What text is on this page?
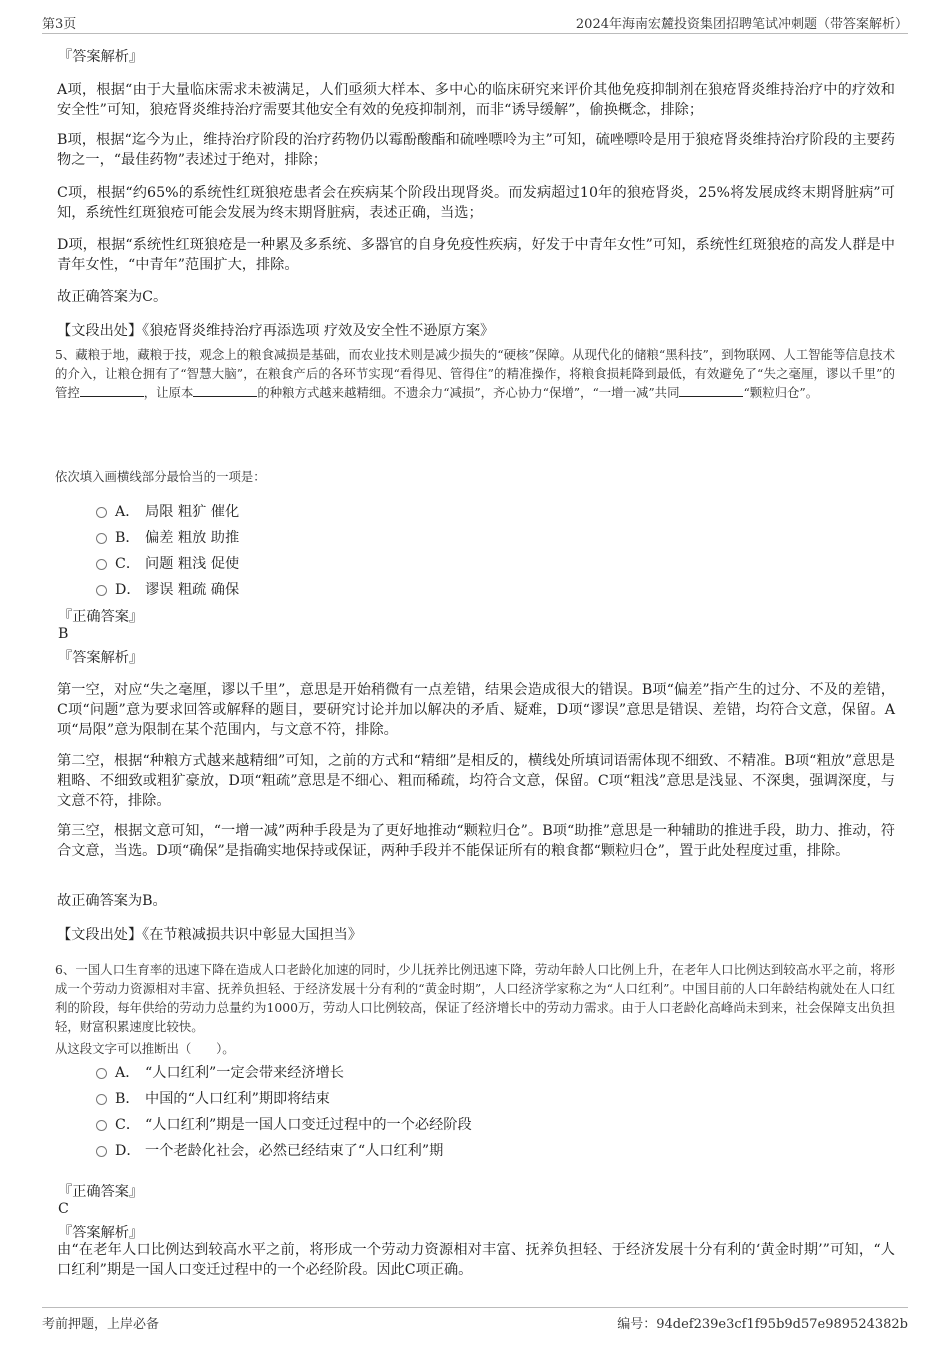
第3页	2024年海南宏麓投资集团招聘笔试冲刺题（带答案解析）
『答案解析』
A项，根据“由于大量临床需求未被满足，人们亟须大样本、多中心的临床研究来评价其他免疫抑制剂在狼疮肾炎维持治疗中的疗效和安全性”可知，狼疮肾炎维持治疗需要其他安全有效的免疫抑制剂，而非“诱导缓解”，偷换概念，排除；
B项，根据“迄今为止，维持治疗阶段的治疗药物仍以霉酚酸酯和硫唑嘌呤为主”可知，硫唑嘌呤是用于狼疮肾炎维持治疗阶段的主要药物之一，“最佳药物”表述过于绝对，排除；
C项，根据“约65%的系统性红斑狼疮患者会在疾病某个阶段出现肾炎。而发病超过10年的狼疮肾炎，25%将发展成终末期肾脏病”可知，系统性红斑狼疮可能会发展为终末期肾脏病，表述正确，当选；
D项，根据“系统性红斑狼疮是一种累及多系统、多器官的自身免疫性疾病，好发于中青年女性”可知，系统性红斑狼疮的高发人群是中青年女性，“中青年”范围扩大，排除。
故正确答案为C。
【文段出处】《狼疮肾炎维持治疗再添选项 疗效及安全性不逊原方案》
5、藏粮于地，藏粮于技，观念上的粮食减损是基础，而农业技术则是减少损失的“硬核”保障。从现代化的储粮“黑科技”，到物联网、人工智能等信息技术的介入，让粮仓拥有了“智慧大脑”，在粮食产后的各环节实现“看得见、管得住”的精准操作，将粮食损耗降到最低，有效避免了“失之毫厘，谬以千里”的管控	，让原本	的种粮方式越来越精细。不遗余力“减损”，齐心协力“保增”，“一增一减”共同	“颗粒归仓”。
依次填入画横线部分最恰当的一项是：
A． 局限 粗犷 催化
B． 偏差 粗放 助推
C． 问题 粗浅 促使
D． 谬误 粗疏 确保
『正确答案』
B
『答案解析』
第一空，对应“失之毫厘，谬以千里”，意思是开始稍微有一点差错，结果会造成很大的错误。B项“偏差”指产生的过分、不及的差错，C项“问题”意为要求回答或解释的题目，要研究讨论并加以解决的矛盾、疑难，D项“谬误”意思是错误、差错，均符合文意，保留。A项“局限”意为限制在某个范围内，与文意不符，排除。
第二空，根据“种粮方式越来越精细”可知，之前的方式和“精细”是相反的，横线处所填词语需体现不细致、不精准。B项“粗放”意思是粗略、不细致或粗犷豪放，D项“粗疏”意思是不细心、粗而稀疏，均符合文意，保留。C项“粗浅”意思是浅显、不深奥，强调深度，与文意不符，排除。
第三空，根据文意可知，“一增一减”两种手段是为了更好地推动“颗粒归仓”。B项“助推”意思是一种辅助的推进手段，助力、推动，符合文意，当选。D项“确保”是指确实地保持或保证，两种手段并不能保证所有的粮食都“颗粒归仓”，置于此处程度过重，排除。
故正确答案为B。
【文段出处】《在节粮减损共识中彰显大国担当》
6、一国人口生育率的迅速下降在造成人口老龄化加速的同时，少儿抚养比例迅速下降，劳动年龄人口比例上升，在老年人口比例达到较高水平之前，将形成一个劳动力资源相对丰富、抚养负担轻、于经济发展十分有利的“黄金时期”，人口经济学家称之为“人口红利”。中国目前的人口年龄结构就处在人口红利的阶段，每年供给的劳动力总量约为1000万，劳动人口比例较高，保证了经济增长中的劳动力需求。由于人口老龄化高峰尚未到来，社会保障支出负担轻，财富积累速度比较快。
从这段文字可以推断出（　　）。
A． “人口红利”一定会带来经济增长
B． 中国的“人口红利”期即将结束
C． “人口红利”期是一国人口变迁过程中的一个必经阶段
D． 一个老龄化社会，必然已经结束了“人口红利”期
『正确答案』
C
『答案解析』
由“在老年人口比例达到较高水平之前，将形成一个劳动力资源相对丰富、抚养负担轻、于经济发展十分有利的‘黄金时期’”可知，“人口红利”期是一国人口变迁过程中的一个必经阶段。因此C项正确。
考前押题，上岸必备	编号：94def239e3cf1f95b9d57e989524382b
